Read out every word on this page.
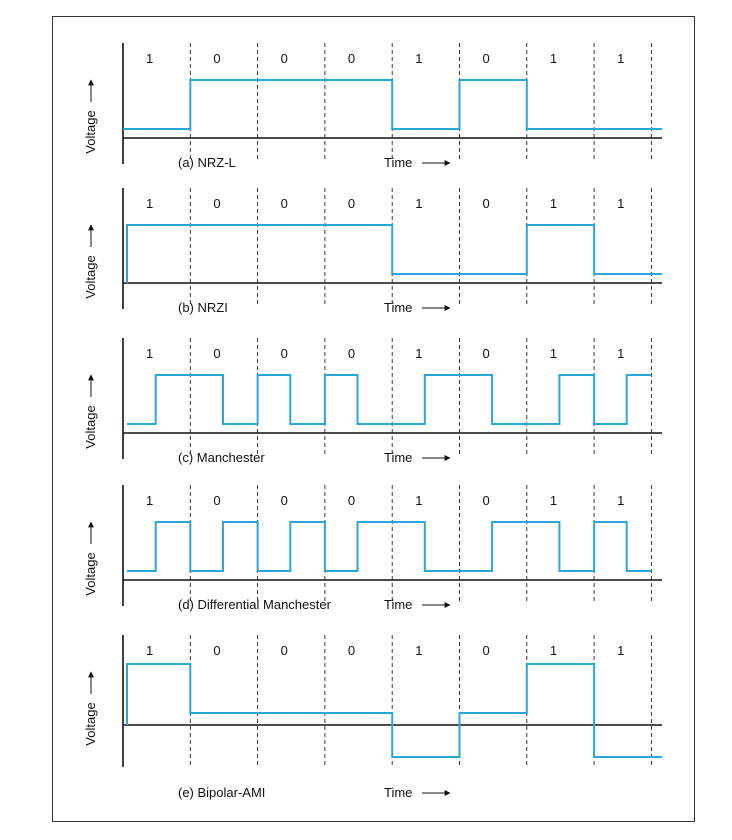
1	0	0	0	1	0	1	1
Voltage
(a) NRZ-L	Time
1	0	0	0	1	0	1	1
Voltage
(b) NRZI	Time
1	0	0	0	1	0	1	1
Voltage
(c) Manchester	Time
1	0	0	0	1	0	1	1
Voltage
(d) Differential Manchester	Time
1	0	0	0	1	0	1	1
Voltage
(e) Bipolar-AMI	Time
